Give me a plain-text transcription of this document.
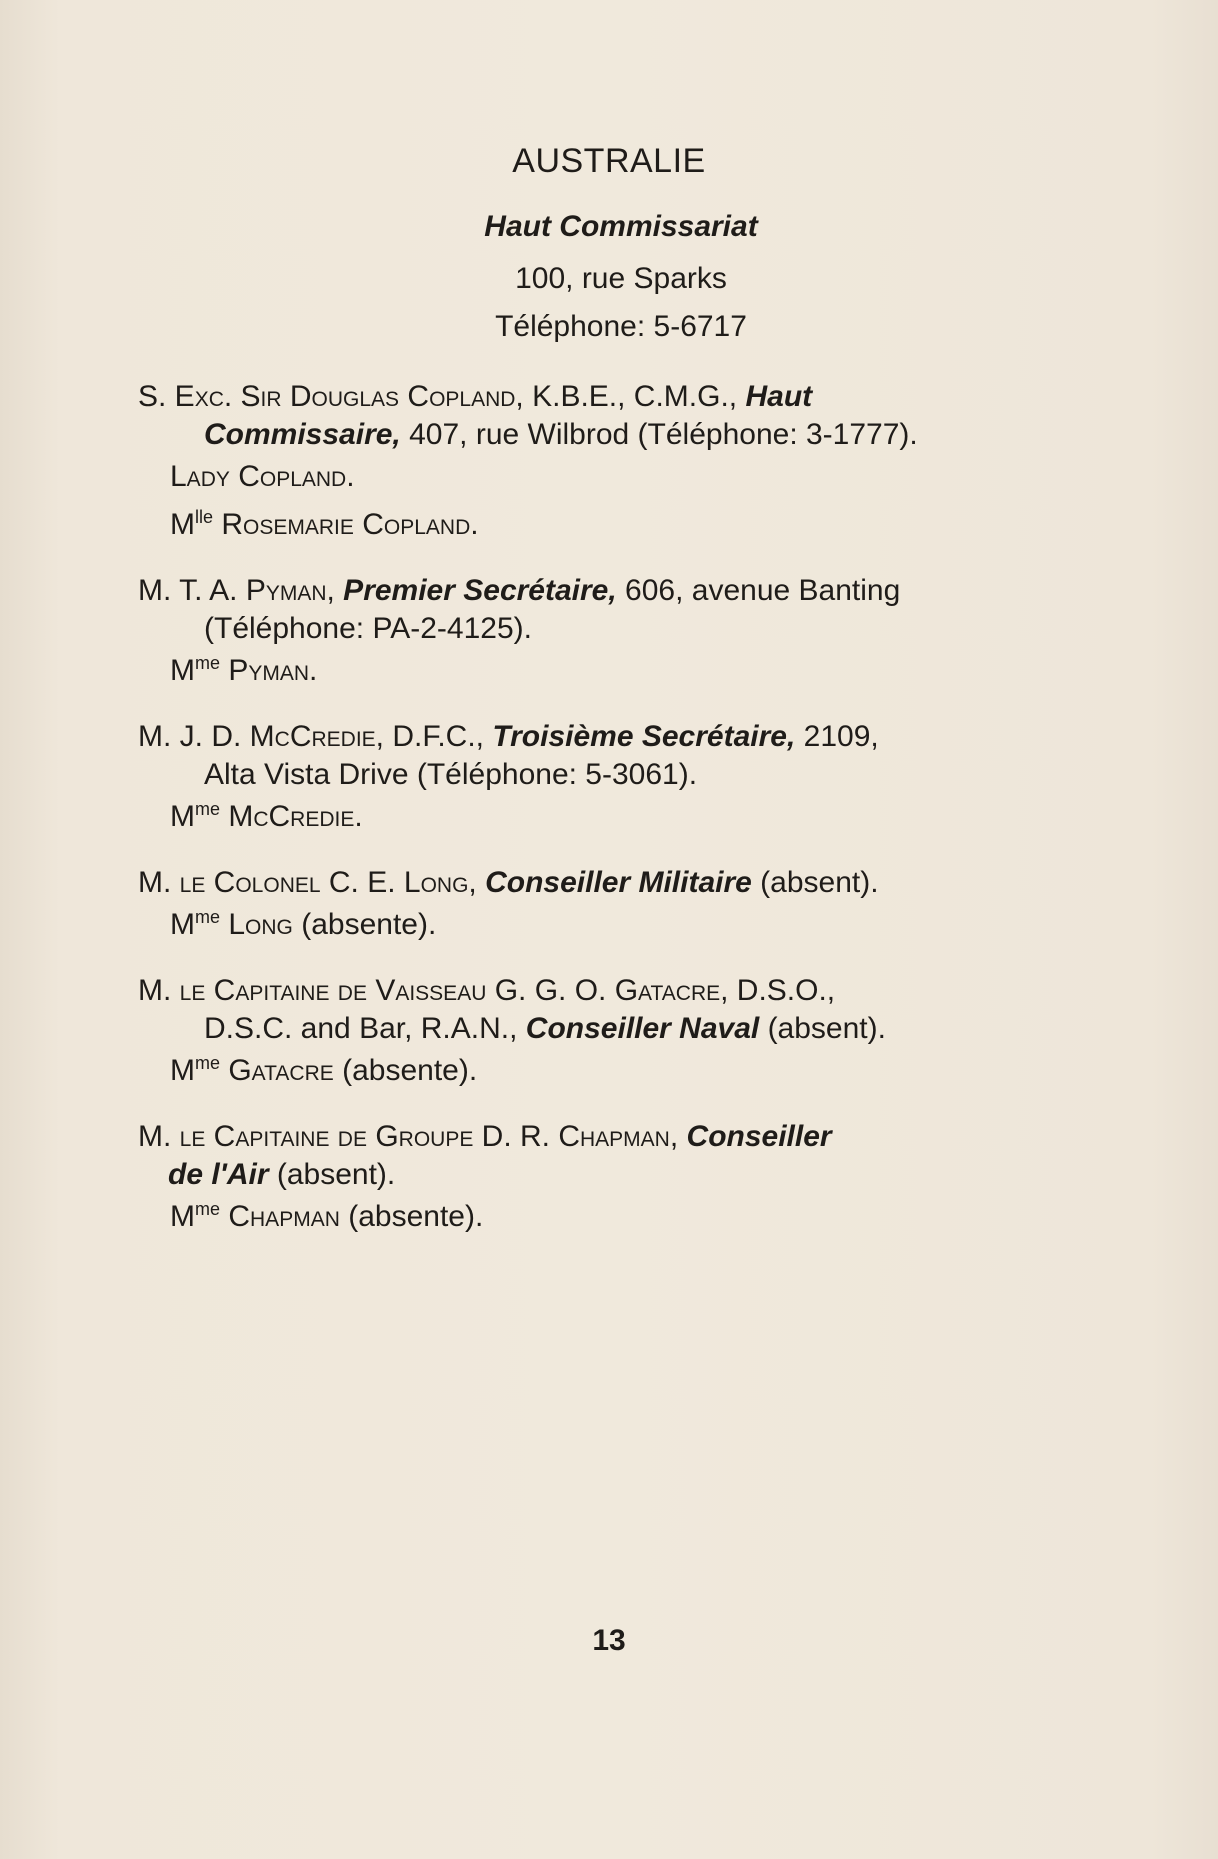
AUSTRALIE
Haut Commissariat
100, rue Sparks
Téléphone: 5-6717
S. Exc. Sir Douglas Copland, K.B.E., C.M.G., Haut
Commissaire, 407, rue Wilbrod (Téléphone: 3-1777).
Lady Copland.
$M^{lle}$ Rosemarie Copland.
M. T. A. Pyman, Premier Secrétaire, 606, avenue Banting
(Téléphone: PA-2-4125).
$M^{me}$ Pyman.
M. J. D. McCredie, D.F.C., Troisième Secrétaire, 2109,
Alta Vista Drive (Téléphone: 5-3061).
$M^{me}$ McCredie.
M. le Colonel C. E. Long, Conseiller Militaire (absent).
$M^{me}$ Long (absente).
M. le Capitaine de Vaisseau G. G. O. Gatacre, D.S.O.,
D.S.C. and Bar, R.A.N., Conseiller Naval (absent).
$M^{me}$ Gatacre (absente).
M. le Capitaine de Groupe D. R. Chapman, Conseiller
de l'Air (absent).
$M^{me}$ Chapman (absente).
13
